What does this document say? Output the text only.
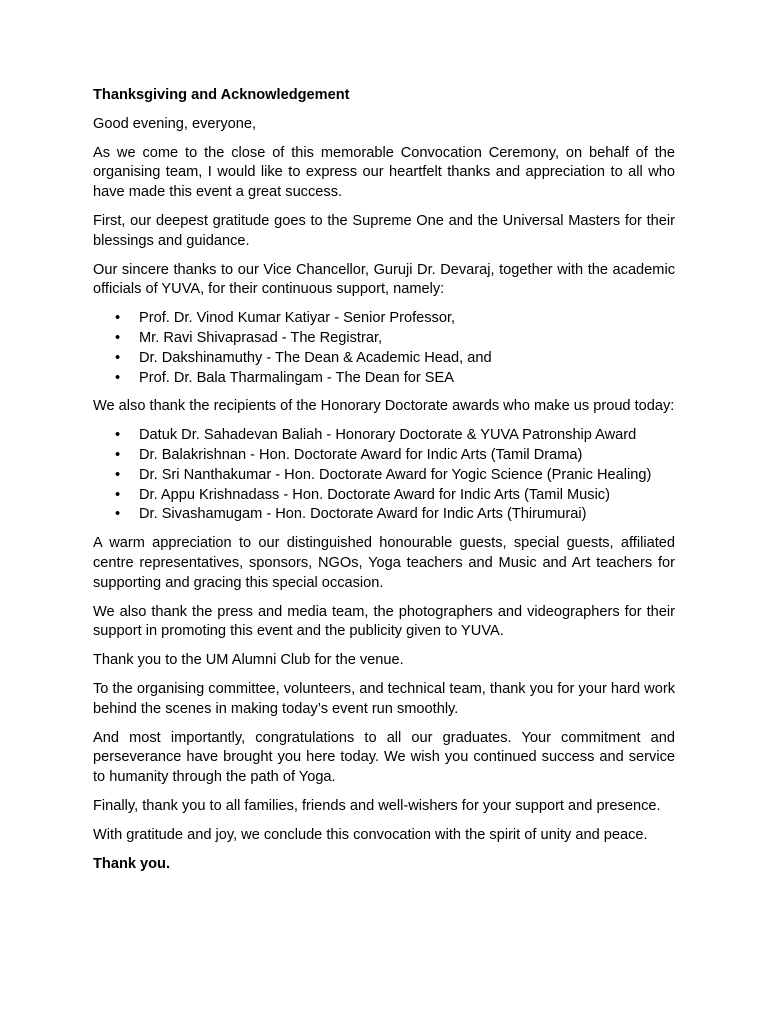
Thanksgiving and Acknowledgement
Good evening, everyone,
As we come to the close of this memorable Convocation Ceremony, on behalf of the organising team, I would like to express our heartfelt thanks and appreciation to all who have made this event a great success.
First, our deepest gratitude goes to the Supreme One and the Universal Masters for their blessings and guidance.
Our sincere thanks to our Vice Chancellor, Guruji Dr. Devaraj, together with the academic officials of YUVA, for their continuous support, namely:
• Prof. Dr. Vinod Kumar Katiyar - Senior Professor,
• Mr. Ravi Shivaprasad - The Registrar,
• Dr. Dakshinamuthy - The Dean & Academic Head, and
• Prof. Dr. Bala Tharmalingam - The Dean for SEA
We also thank the recipients of the Honorary Doctorate awards who make us proud today:
• Datuk Dr. Sahadevan Baliah - Honorary Doctorate & YUVA Patronship Award
• Dr. Balakrishnan - Hon. Doctorate Award for Indic Arts (Tamil Drama)
• Dr. Sri Nanthakumar - Hon. Doctorate Award for Yogic Science (Pranic Healing)
• Dr. Appu Krishnadass - Hon. Doctorate Award for Indic Arts (Tamil Music)
• Dr. Sivashamugam - Hon. Doctorate Award for Indic Arts (Thirumurai)
A warm appreciation to our distinguished honourable guests, special guests, affiliated centre representatives, sponsors, NGOs, Yoga teachers and Music and Art teachers for supporting and gracing this special occasion.
We also thank the press and media team, the photographers and videographers for their support in promoting this event and the publicity given to YUVA.
Thank you to the UM Alumni Club for the venue.
To the organising committee, volunteers, and technical team, thank you for your hard work behind the scenes in making today’s event run smoothly.
And most importantly, congratulations to all our graduates. Your commitment and perseverance have brought you here today. We wish you continued success and service to humanity through the path of Yoga.
Finally, thank you to all families, friends and well-wishers for your support and presence.
With gratitude and joy, we conclude this convocation with the spirit of unity and peace.
Thank you.
